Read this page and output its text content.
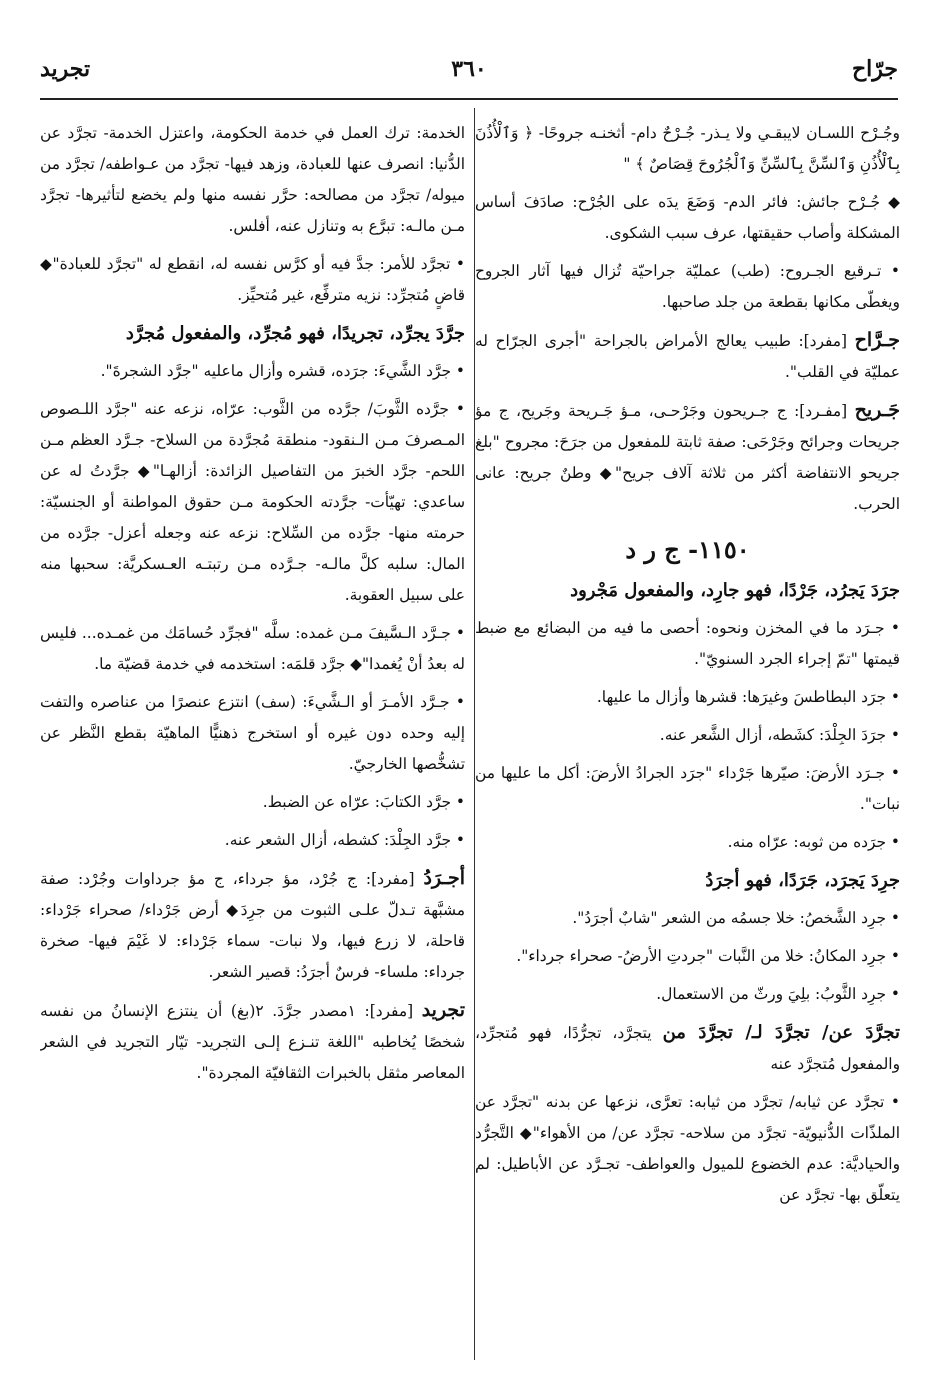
جرّاح
٣٦٠
تجريد
وجُـرْح اللسـان لايبقـي ولا يـذر- جُـرْحٌ دام- أثخنـه جروحًا- ﴿ وَٱلْأُذُنَ بِٱلْأُذُنِ وَٱلسِّنَّ بِٱلسِّنِّ وَٱلْجُرُوحَ قِصَاصٌ ﴾ "
◆ جُـرْح جائش: فائر الدم- وَضَعَ يدَه على الجُرْح: صادَفَ أساس المشكلة وأصاب حقيقتها، عرف سبب الشكوى.
• تـرقيع الجـروح: (طب) عمليّة جراحيّة تُزال فيها آثار الجروح ويغطّى مكانها بقطعة من جلد صاحبها.
جـرَّاح [مفرد]: طبيب يعالج الأمراض بالجراحة "أجرى الجرّاح له عمليّة في القلب".
جَـريح [مفـرد]: ج جـريحون وجَرْحـى، مـؤ جَـريحة وجَريح، ج مؤ جريحات وجرائح وجَرْحَى: صفة ثابتة للمفعول من جرَحَ: مجروح "بلغ جريحو الانتفاضة أكثر من ثلاثة آلاف جريح"◆ وطنٌ جريح: عانى الحرب.
١١٥٠- ج ر د
جرَدَ يَجرُد، جَرْدًا، فهو جارِد، والمفعول مَجْرود
• جـرَد ما في المخزن ونحوه: أحصى ما فيه من البضائع مع ضبط قيمتها "تمّ إجراء الجرد السنويّ".
• جرَد البطاطسَ وغيرَها: قشرها وأزال ما عليها.
• جرَدَ الجِلْدَ: كشَطه، أزال الشَّعر عنه.
• جـرَد الأرضَ: صيّرها جَرْداء "جرَد الجرادُ الأرضَ: أكل ما عليها من نبات".
• جرَده من ثوبه: عرّاه منه.
جرِدَ يَجرَد، جَرَدًا، فهو أجرَدُ
• جرِد الشَّخصُ: خلا جسمُه من الشعر "شابٌ أجرَدُ".
• جرِد المكانُ: خلا من النَّبات "جردتِ الأرضُ- صحراء جرداء".
• جرِد الثَّوبُ: بلِيَ ورثّ من الاستعمال.
تجرَّدَ عن/ تجرَّدَ لـ/ تجرَّدَ من يتجرَّد، تجرُّدًا، فهو مُتجرِّد، والمفعول مُتجرَّد عنه
• تجرَّد عن ثيابه/ تجرَّد من ثيابه: تعرَّى، نزعها عن بدنه "تجرَّد عن الملذّات الدُّنيويّة- تجرَّد من سلاحه- تجرَّد عن/ من الأهواء"◆ التَّجرُّد والحياديَّة: عدم الخضوع للميول والعواطف- تجـرَّد عن الأباطيل: لم يتعلّق بها- تجرَّد عن
الخدمة: ترك العمل في خدمة الحكومة، واعتزل الخدمة- تجرَّد عن الدُّنيا: انصرف عنها للعبادة، وزهد فيها- تجرَّد من عـواطفه/ تجرَّد من ميوله/ تجرَّد من مصالحه: حرَّر نفسه منها ولم يخضع لتأثيرها- تجرَّد مـن مالـه: تبرَّع به وتنازل عنه، أفلس.
• تجرَّد للأمر: جدَّ فيه أو كرَّس نفسه له، انقطع له "تجرَّد للعبادة"◆ قاضٍ مُتجرِّد: نزيه مترفِّع، غير مُتحيِّز.
جرَّدَ يجرِّد، تجريدًا، فهو مُجرِّد، والمفعول مُجرَّد
• جرَّد الشَّيءَ: جرَده، قشره وأزال ماعليه "جرَّد الشجرةَ".
• جرَّده الثَّوبَ/ جرَّده من الثَّوب: عرّاه، نزعه عنه "جرَّد اللـصوص المـصرفَ مـن الـنقود- منطقة مُجرَّدة من السلاح- جـرَّد العظم مـن اللحم- جرَّد الخبرَ من التفاصيل الزائدة: أزالهـا"◆ جرَّدتُ له عن ساعدي: تهيّأت- جرَّدته الحكومة مـن حقوق المواطنة أو الجنسيّة: حرمته منها- جرَّده من السِّلاح: نزعه عنه وجعله أعزل- جرَّده من المال: سلبه كلَّ مالـه- جـرَّده مـن رتبتـه العـسكريَّة: سحبها منه على سبيل العقوبة.
• جـرَّد الـسَّيفَ مـن غمده: سلَّه "فجرِّد حُسامَك من غمـده... فليس له بعدُ أنْ يُغمدا"◆ جرَّد قلمَه: استخدمه في خدمة قضيّة ما.
• جـرَّد الأمـرَ أو الـشَّيءَ: (سف) انتزع عنصرًا من عناصره والتفت إليه وحده دون غيره أو استخرج ذهنيًّا الماهيّة بقطع النَّظر عن تشخُّصها الخارجيّ.
• جرَّد الكتابَ: عرّاه عن الضبط.
• جرَّد الجِلْدَ: كشطه، أزال الشعر عنه.
أجـرَدُ [مفرد]: ج جُرْد، مؤ جرداء، ج مؤ جرداوات وجُرْد: صفة مشبَّهة تـدلّ علـى الثبوت من جرِدَ◆ أرض جَرْداء/ صحراء جَرْداء: قاحلة، لا زرع فيها، ولا نبات- سماء جَرْداء: لا غَيْمَ فيها- صخرة جرداء: ملساء- فرسٌ أجرَدُ: قصير الشعر.
تجريد [مفرد]: ١مصدر جرَّدَ. ٢(بغ) أن ينتزع الإنسانُ من نفسه شخصًا يُخاطبه "اللغة تنـزع إلـى التجريد- تيّار التجريد في الشعر المعاصر مثقل بالخبرات الثقافيّة المجردة".
